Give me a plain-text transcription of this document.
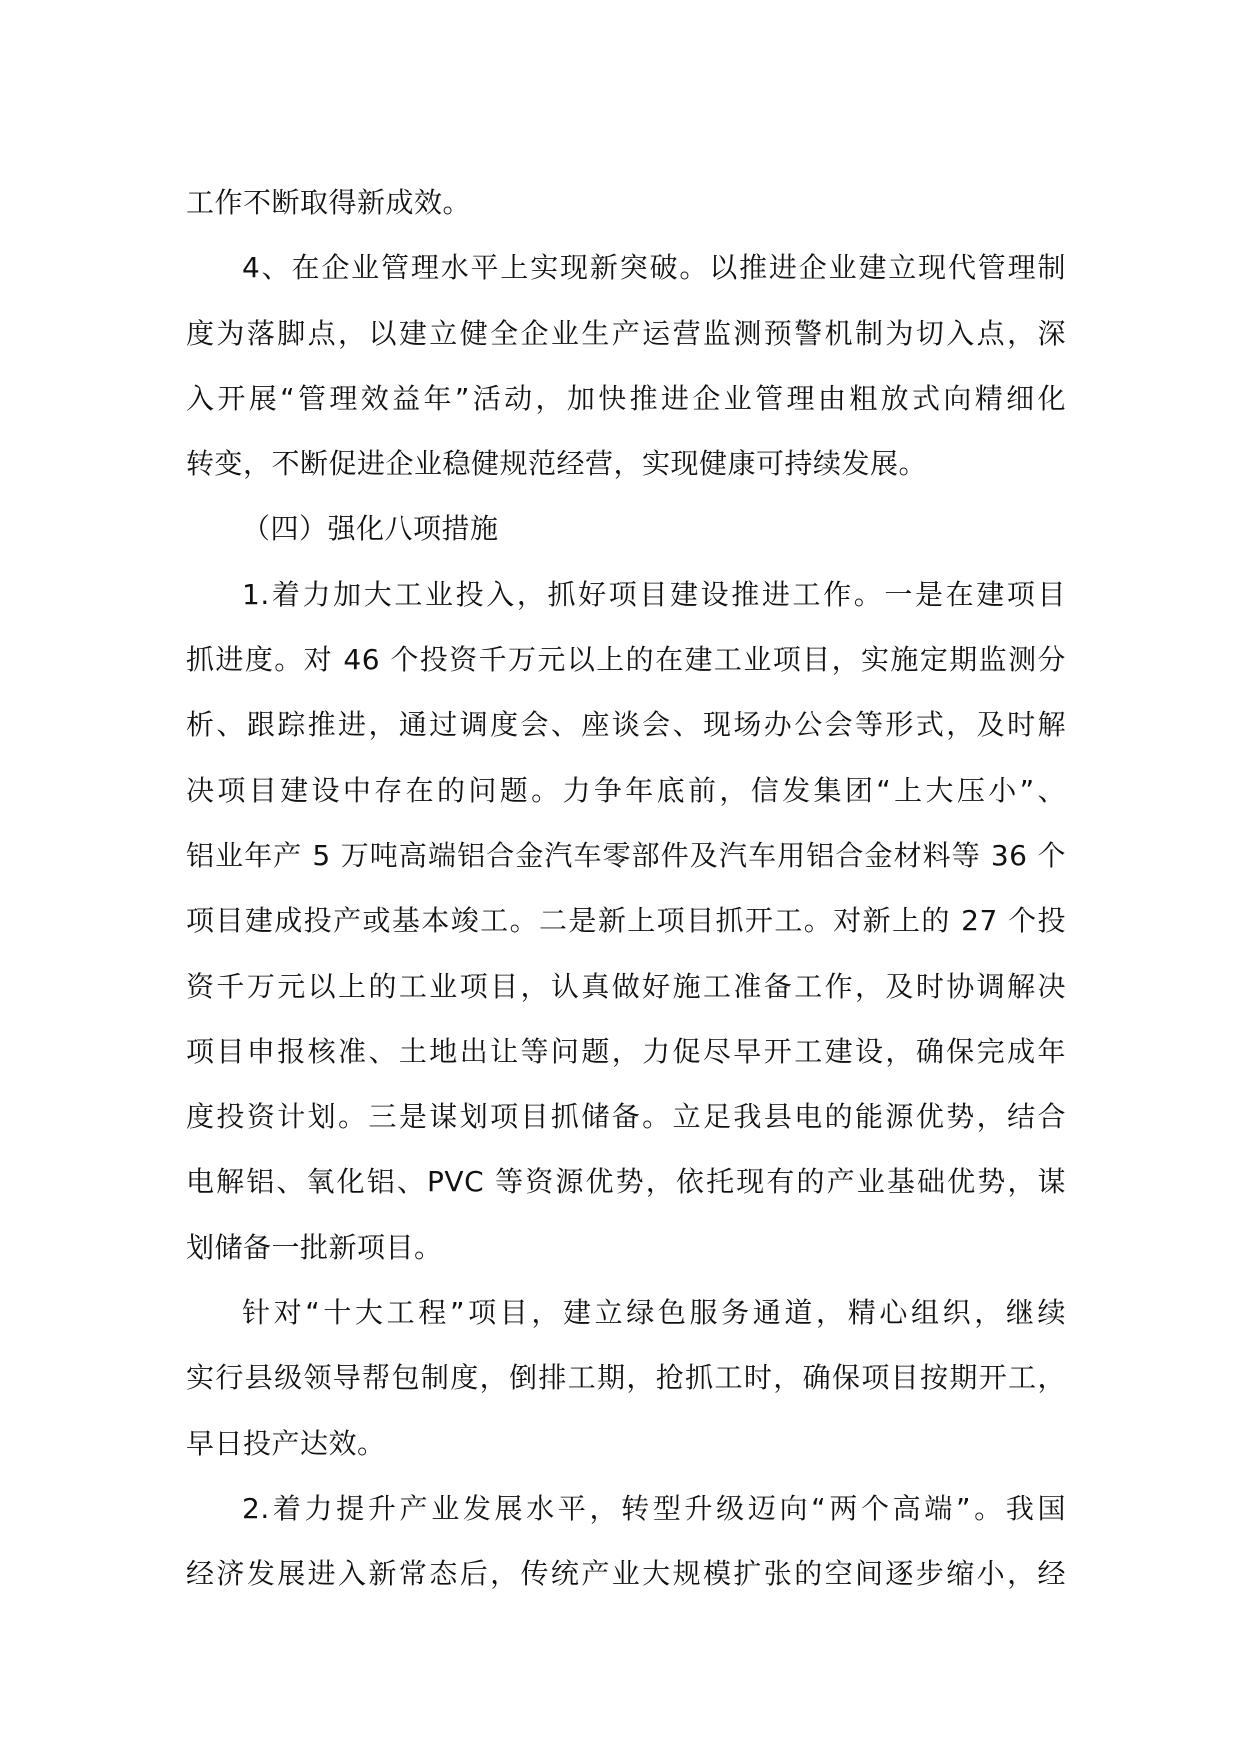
工作不断取得新成效。
4、在企业管理水平上实现新突破。以推进企业建立现代管理制
度为落脚点，以建立健全企业生产运营监测预警机制为切入点，深
入开展“管理效益年”活动，加快推进企业管理由粗放式向精细化
转变，不断促进企业稳健规范经营，实现健康可持续发展。
（四）强化八项措施
1.着力加大工业投入，抓好项目建设推进工作。一是在建项目
抓进度。对 46 个投资千万元以上的在建工业项目，实施定期监测分
析、跟踪推进，通过调度会、座谈会、现场办公会等形式，及时解
决项目建设中存在的问题。力争年底前，信发集团“上大压小”、
铝业年产 5 万吨高端铝合金汽车零部件及汽车用铝合金材料等 36 个
项目建成投产或基本竣工。二是新上项目抓开工。对新上的 27 个投
资千万元以上的工业项目，认真做好施工准备工作，及时协调解决
项目申报核准、土地出让等问题，力促尽早开工建设，确保完成年
度投资计划。三是谋划项目抓储备。立足我县电的能源优势，结合
电解铝、氧化铝、PVC 等资源优势，依托现有的产业基础优势，谋
划储备一批新项目。
针对“十大工程”项目，建立绿色服务通道，精心组织，继续
实行县级领导帮包制度，倒排工期，抢抓工时，确保项目按期开工，
早日投产达效。
2.着力提升产业发展水平，转型升级迈向“两个高端”。我国
经济发展进入新常态后，传统产业大规模扩张的空间逐步缩小，经
